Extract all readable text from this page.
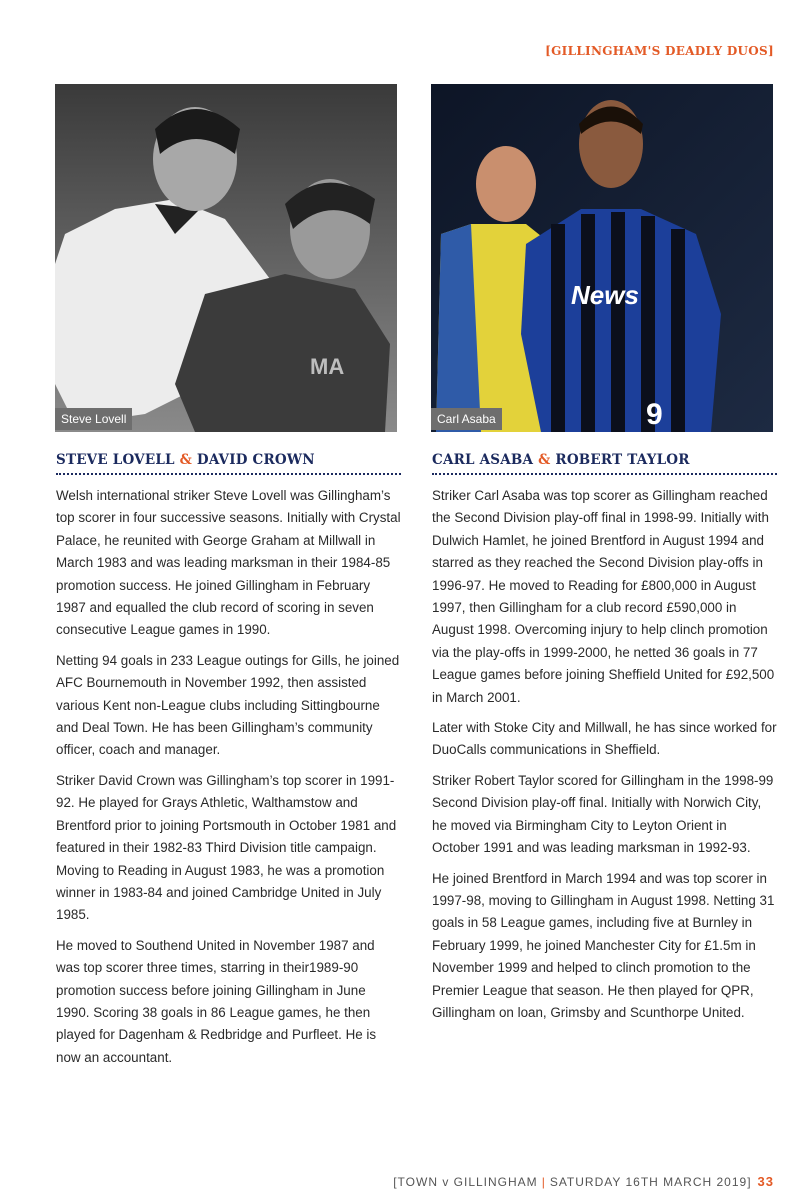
[GILLINGHAM'S DEADLY DUOS]
MA
Steve Lovell
News
9
Carl Asaba
STEVE LOVELL & DAVID CROWN

Welsh international striker Steve Lovell was Gillingham’s top scorer in four successive seasons. Initially with Crystal Palace, he reunited with George Graham at Millwall in March 1983 and was leading marksman in their 1984-85 promotion success. He joined Gillingham in February 1987 and equalled the club record of scoring in seven consecutive League games in 1990.

Netting 94 goals in 233 League outings for Gills, he joined AFC Bournemouth in November 1992, then assisted various Kent non-League clubs including Sittingbourne and Deal Town. He has been Gillingham’s community officer, coach and manager.

Striker David Crown was Gillingham’s top scorer in 1991-92. He played for Grays Athletic, Walthamstow and Brentford prior to joining Portsmouth in October 1981 and featured in their 1982-83 Third Division title campaign. Moving to Reading in August 1983, he was a promotion winner in 1983-84 and joined Cambridge United in July 1985.

He moved to Southend United in November 1987 and was top scorer three times, starring in their1989-90 promotion success before joining Gillingham in June 1990. Scoring 38 goals in 86 League games, he then played for Dagenham & Redbridge and Purfleet. He is now an accountant.

CARL ASABA & ROBERT TAYLOR

Striker Carl Asaba was top scorer as Gillingham reached the Second Division play-off final in 1998-99. Initially with Dulwich Hamlet, he joined Brentford in August 1994 and starred as they reached the Second Division play-offs in 1996-97. He moved to Reading for £800,000 in August 1997, then Gillingham for a club record £590,000 in August 1998. Overcoming injury to help clinch promotion via the play-offs in 1999-2000, he netted 36 goals in 77 League games before joining Sheffield United for £92,500 in March 2001.

Later with Stoke City and Millwall, he has since worked for DuoCalls communications in Sheffield.

Striker Robert Taylor scored for Gillingham in the 1998-99 Second Division play-off final. Initially with Norwich City, he moved via Birmingham City to Leyton Orient in October 1991 and was leading marksman in 1992-93.

He joined Brentford in March 1994 and was top scorer in 1997-98, moving to Gillingham in August 1998. Netting 31 goals in 58 League games, including five at Burnley in February 1999, he joined Manchester City for £1.5m in November 1999 and helped to clinch promotion to the Premier League that season. He then played for QPR, Gillingham on loan, Grimsby and Scunthorpe United.

[TOWN v GILLINGHAM | SATURDAY 16TH MARCH 2019] 33
